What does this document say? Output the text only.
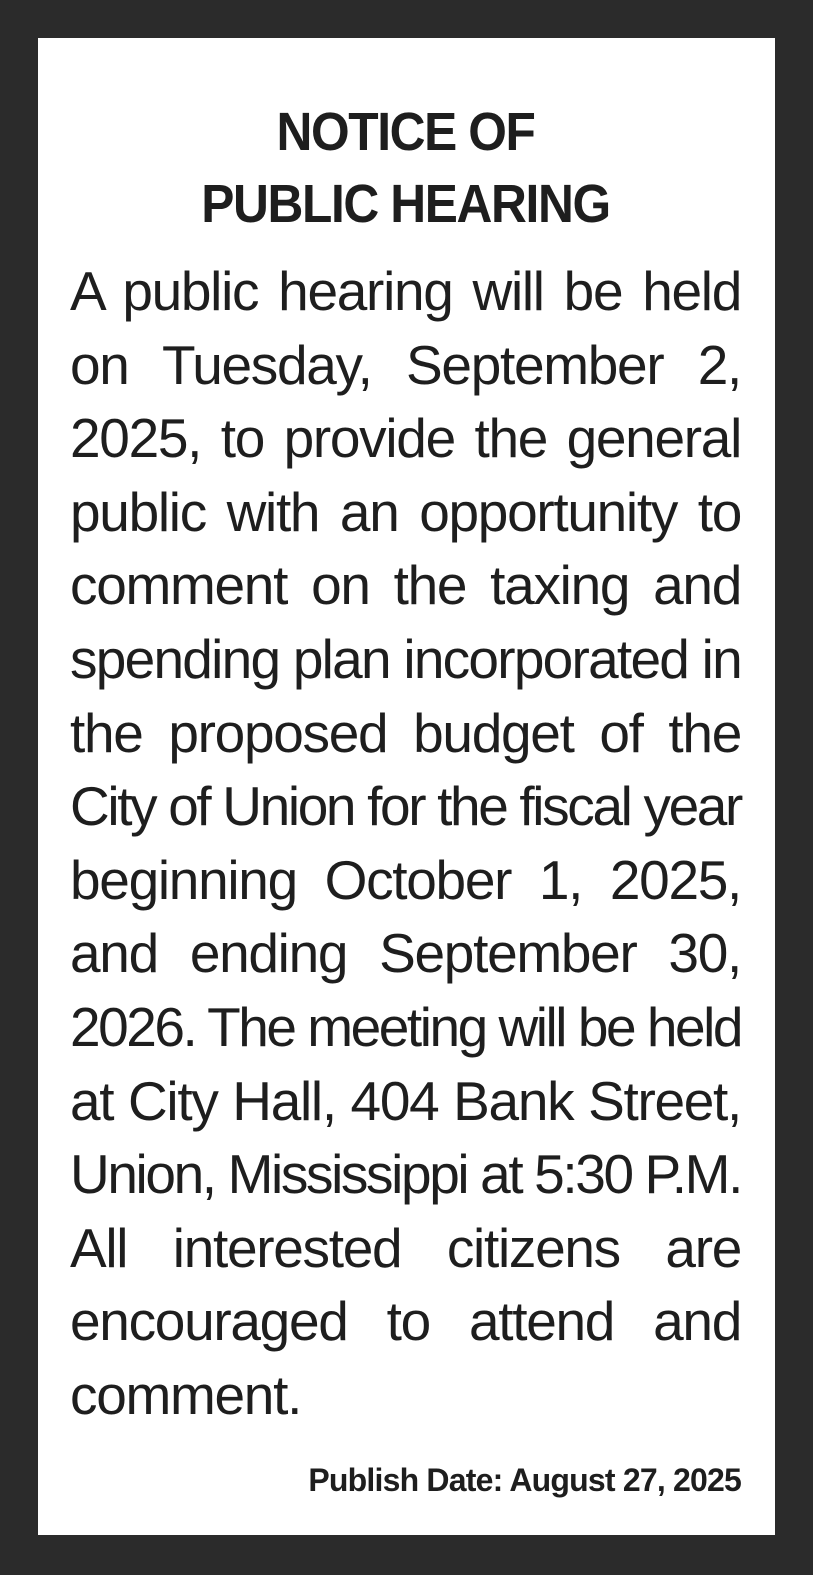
NOTICE OF
PUBLIC HEARING

A public hearing will be held
on Tuesday, September 2,
2025, to provide the general
public with an opportunity to
comment on the taxing and
spending plan incorporated in
the proposed budget of the
City of Union for the fiscal year
beginning October 1, 2025,
and ending September 30,
2026. The meeting will be held
at City Hall, 404 Bank Street,
Union, Mississippi at 5:30 P.M.
All interested citizens are
encouraged to attend and
comment.

Publish Date: August 27, 2025
